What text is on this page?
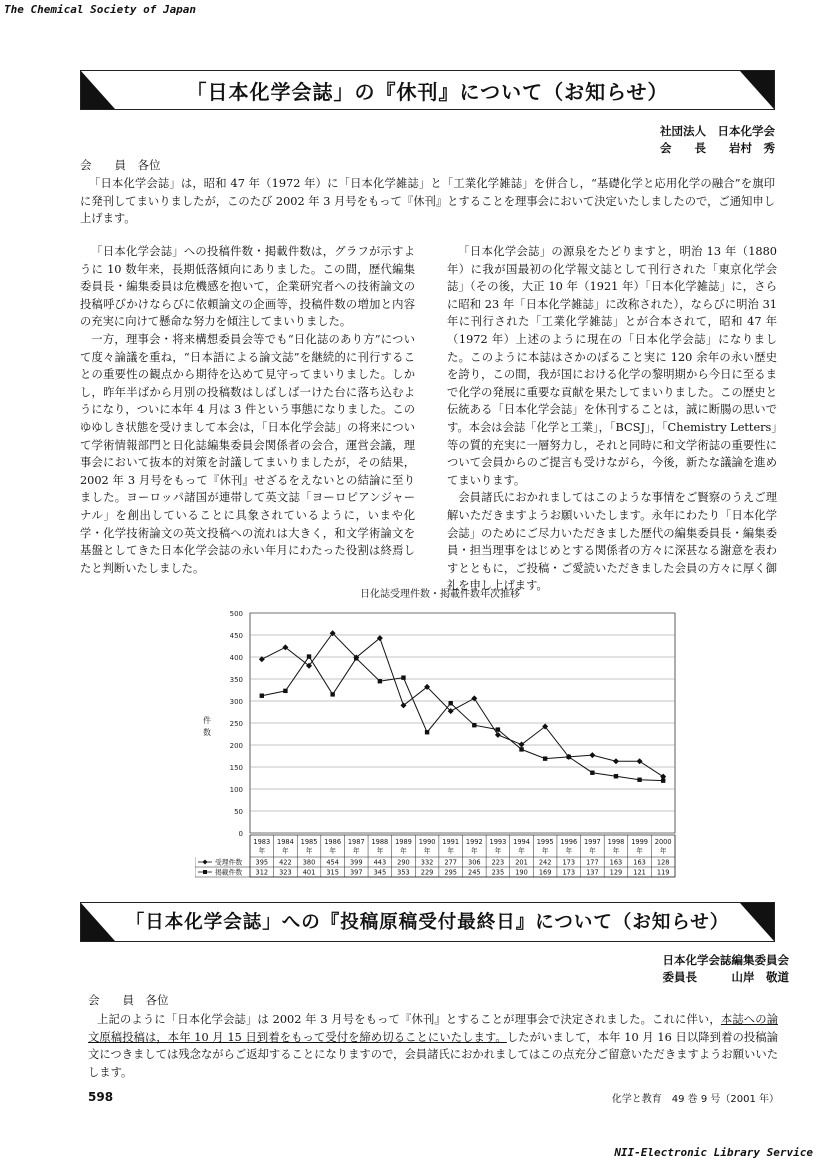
The Chemical Society of Japan
「日本化学会誌」の『休刊』について（お知らせ）
社団法人　日本化学会
会　　長　　岩村　秀
会　　員　各位

「日本化学会誌」は，昭和 47 年（1972 年）に「日本化学雑誌」と「工業化学雑誌」を併合し，“基礎化学と応用化学の融合”を旗印に発刊してまいりましたが，このたび 2002 年 3 月号をもって『休刊』とすることを理事会において決定いたしましたので，ご通知申し上げます。

「日本化学会誌」への投稿件数・掲載件数は，グラフが示すように 10 数年来，長期低落傾向にありました。この間，歴代編集委員長・編集委員は危機感を抱いて，企業研究者への技術論文の投稿呼びかけならびに依頼論文の企画等，投稿件数の増加と内容の充実に向けて懸命な努力を傾注してまいりました。

一方，理事会・将来構想委員会等でも“日化誌のあり方”について度々論議を重ね，“日本語による論文誌”を継続的に刊行することの重要性の観点から期待を込めて見守ってまいりました。しかし，昨年半ばから月別の投稿数はしばしば一けた台に落ち込むようになり，ついに本年 4 月は 3 件という事態になりました。このゆゆしき状態を受けまして本会は，「日本化学会誌」の将来について学術情報部門と日化誌編集委員会関係者の会合，運営会議，理事会において抜本的対策を討議してまいりましたが，その結果，2002 年 3 月号をもって『休刊』せざるをえないとの結論に至りました。ヨーロッパ諸国が連帯して英文誌「ヨーロピアンジャーナル」を創出していることに具象されているように，いまや化学・化学技術論文の英文投稿への流れは大きく，和文学術論文を基盤としてきた日本化学会誌の永い年月にわたった役割は終焉したと判断いたしました。

「日本化学会誌」の源泉をたどりますと，明治 13 年（1880 年）に我が国最初の化学報文誌として刊行された「東京化学会誌」（その後，大正 10 年（1921 年）「日本化学雑誌」に，さらに昭和 23 年「日本化学雑誌」に改称された），ならびに明治 31 年に刊行された「工業化学雑誌」とが合本されて，昭和 47 年（1972 年）上述のように現在の「日本化学会誌」になりました。このように本誌はさかのぼること実に 120 余年の永い歴史を誇り，この間，我が国における化学の黎明期から今日に至るまで化学の発展に重要な貢献を果たしてまいりました。この歴史と伝統ある「日本化学会誌」を休刊することは，誠に断腸の思いです。本会は会誌「化学と工業」，「BCSJ」，「Chemistry Letters」等の質的充実に一層努力し，それと同時に和文学術誌の重要性について会員からのご提言も受けながら，今後，新たな議論を進めてまいります。

会員諸氏におかれましてはこのような事情をご賢察のうえご理解いただきますようお願いいたします。永年にわたり「日本化学会誌」のためにご尽力いただきました歴代の編集委員長・編集委員・担当理事をはじめとする関係者の方々に深甚なる謝意を表わすとともに，ご投稿・ご愛読いただきました会員の方々に厚く御礼を申し上げます。

日化誌受理件数・掲載件数年次推移
0
50
100
150
200
250
300
350
400
450
500
件
数
1983
年
1984
年
1985
年
1986
年
1987
年
1988
年
1989
年
1990
年
1991
年
1992
年
1993
年
1994
年
1995
年
1996
年
1997
年
1998
年
1999
年
2000
年
受理件数 395 422 380 454 399 443 290 332 277 306 223 201 242 173 177 163 163 128
掲載件数 312 323 401 315 397 345 353 229 295 245 235 190 169 173 137 129 121 119
「日本化学会誌」への『投稿原稿受付最終日』について（お知らせ）
日本化学会誌編集委員会
委員長　　　山岸　敬道
会　　員　各位

上記のように「日本化学会誌」は 2002 年 3 月号をもって『休刊』とすることが理事会で決定されました。これに伴い，本誌への論文原稿投稿は，本年 10 月 15 日到着をもって受付を締め切ることにいたします。したがいまして，本年 10 月 16 日以降到着の投稿論文につきましては残念ながらご返却することになりますので，会員諸氏におかれましてはこの点充分ご留意いただきますようお願いいたします。

598	化学と教育　49 巻 9 号（2001 年）
NII-Electronic Library Service
